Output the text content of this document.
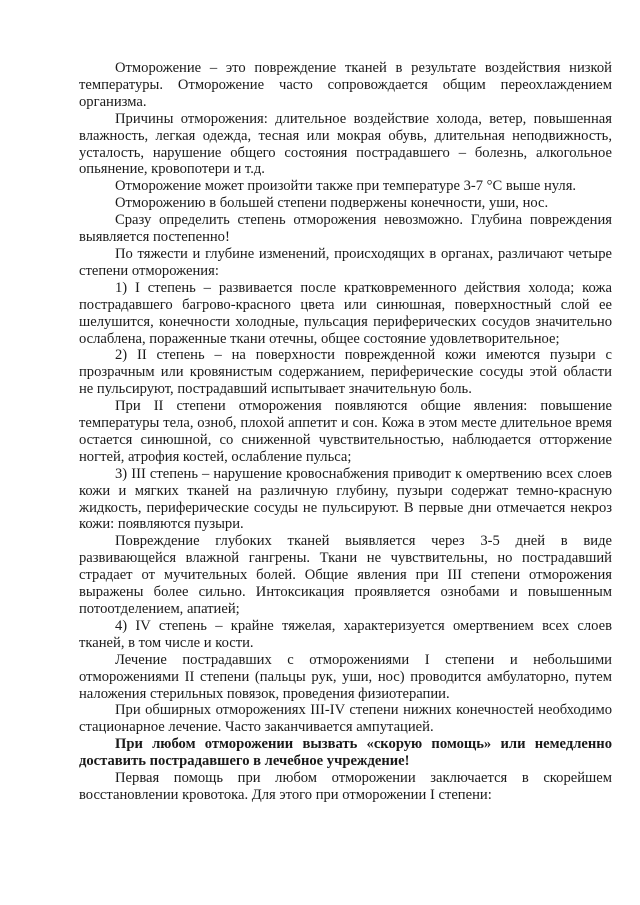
Отморожение – это повреждение тканей в результате воздействия низкой температуры. Отморожение часто сопровождается общим переохлаждением организма.

Причины отморожения: длительное воздействие холода, ветер, повышенная влажность, легкая одежда, тесная или мокрая обувь, длительная неподвижность, усталость, нарушение общего состояния пострадавшего – болезнь, алкогольное опьянение, кровопотери и т.д.

Отморожение может произойти также при температуре 3-7 °С выше нуля.

Отморожению в большей степени подвержены конечности, уши, нос.

Сразу определить степень отморожения невозможно. Глубина повреждения выявляется постепенно!

По тяжести и глубине изменений, происходящих в органах, различают четыре степени отморожения:

1) I степень – развивается после кратковременного действия холода; кожа пострадавшего багрово-красного цвета или синюшная, поверхностный слой ее шелушится, конечности холодные, пульсация периферических сосудов значительно ослаблена, пораженные ткани отечны, общее состояние удовлетворительное;

2) II степень – на поверхности поврежденной кожи имеются пузыри с прозрачным или кровянистым содержанием, периферические сосуды этой области не пульсируют, пострадавший испытывает значительную боль.

При II степени отморожения появляются общие явления: повышение температуры тела, озноб, плохой аппетит и сон. Кожа в этом месте длительное время остается синюшной, со сниженной чувствительностью, наблюдается отторжение ногтей, атрофия костей, ослабление пульса;

3) III степень – нарушение кровоснабжения приводит к омертвению всех слоев кожи и мягких тканей на различную глубину, пузыри содержат темно-красную жидкость, периферические сосуды не пульсируют. В первые дни отмечается некроз кожи: появляются пузыри.

Повреждение глубоких тканей выявляется через 3-5 дней в виде развивающейся влажной гангрены. Ткани не чувствительны, но пострадавший страдает от мучительных болей. Общие явления при III степени отморожения выражены более сильно. Интоксикация проявляется ознобами и повышенным потоотделением, апатией;

4) IV степень – крайне тяжелая, характеризуется омертвением всех слоев тканей, в том числе и кости.

Лечение пострадавших с отморожениями I степени и небольшими отморожениями II степени (пальцы рук, уши, нос) проводится амбулаторно, путем наложения стерильных повязок, проведения физиотерапии.

При обширных отморожениях III-IV степени нижних конечностей необходимо стационарное лечение. Часто заканчивается ампутацией.

При любом отморожении вызвать «скорую помощь» или немедленно доставить пострадавшего в лечебное учреждение!

Первая помощь при любом отморожении заключается в скорейшем восстановлении кровотока. Для этого при отморожении I степени:
